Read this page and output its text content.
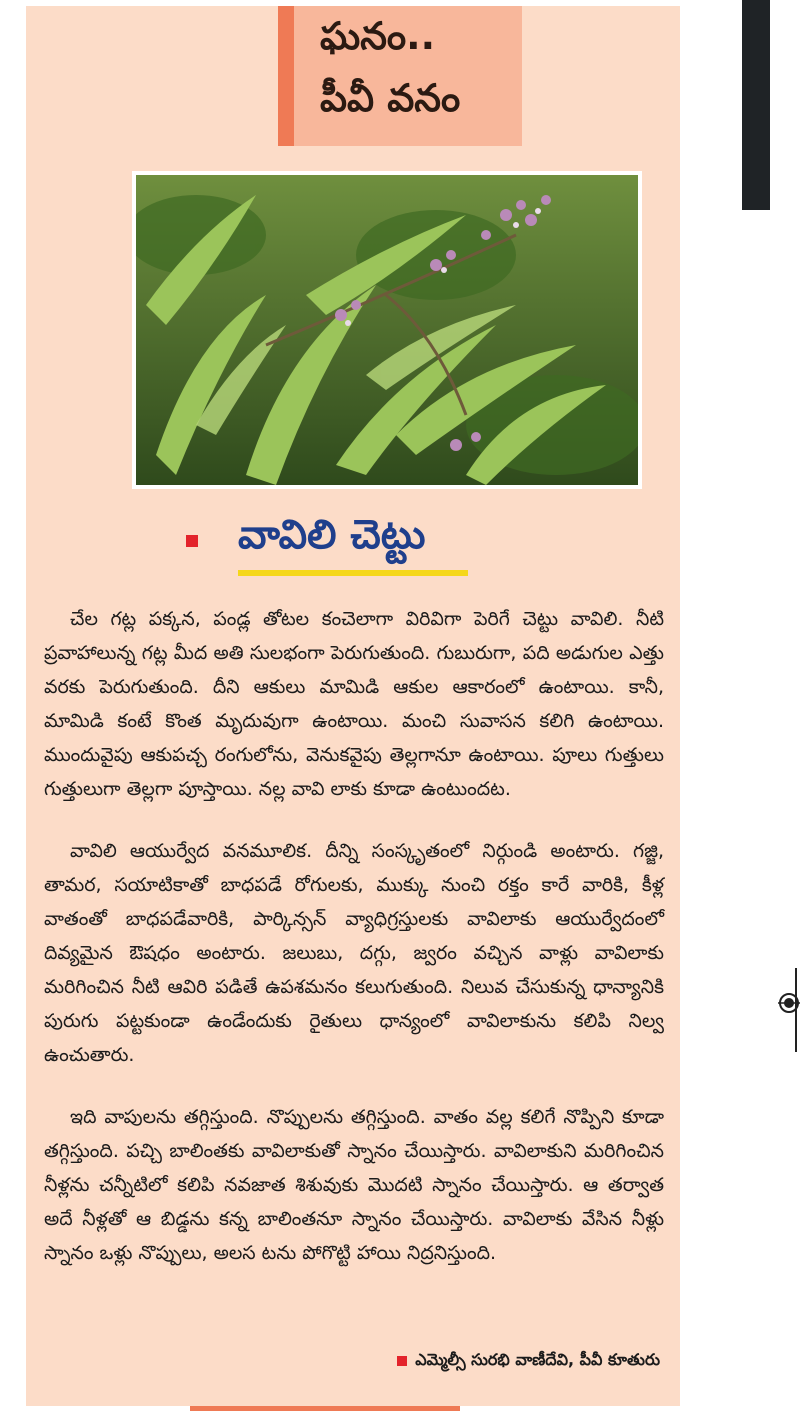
ఘనం..
పీవీ వనం
వావిలి చెట్టు

చేల గట్ల పక్కన, పండ్ల తోటల కంచెలాగా విరివిగా పెరిగే చెట్టు వావిలి. నీటి ప్రవాహాలున్న గట్ల మీద అతి సులభంగా పెరుగుతుంది. గుబురుగా, పది అడుగుల ఎత్తు వరకు పెరుగుతుంది. దీని ఆకులు మామిడి ఆకుల ఆకారంలో ఉంటాయి. కానీ, మామిడి కంటే కొంత మృదువుగా ఉంటాయి. మంచి సువాసన కలిగి ఉంటాయి. ముందువైపు ఆకుపచ్చ రంగులోను, వెనుకవైపు తెల్లగానూ ఉంటాయి. పూలు గుత్తులు గుత్తులుగా తెల్లగా పూస్తాయి. నల్ల వావి లాకు కూడా ఉంటుందట.

వావిలి ఆయుర్వేద వనమూలిక. దీన్ని సంస్కృతంలో నిర్గుండి అంటారు. గజ్జి, తామర, సయాటికాతో బాధపడే రోగులకు, ముక్కు నుంచి రక్తం కారే వారికి, కీళ్ల వాతంతో బాధపడేవారికి, పార్కిన్సన్ వ్యాధిగ్రస్తులకు వావిలాకు ఆయుర్వేదంలో దివ్యమైన ఔషధం అంటారు. జలుబు, దగ్గు, జ్వరం వచ్చిన వాళ్లు వావిలాకు మరిగించిన నీటి ఆవిరి పడితే ఉపశమనం కలుగుతుంది. నిలువ చేసుకున్న ధాన్యానికి పురుగు పట్టకుండా ఉండేందుకు రైతులు ధాన్యంలో వావిలాకును కలిపి నిల్వ ఉంచుతారు.

ఇది వాపులను తగ్గిస్తుంది. నొప్పులను తగ్గిస్తుంది. వాతం వల్ల కలిగే నొప్పిని కూడా తగ్గిస్తుంది. పచ్చి బాలింతకు వావిలాకుతో స్నానం చేయిస్తారు. వావిలాకుని మరిగించిన నీళ్లను చన్నీటిలో కలిపి నవజాత శిశువుకు మొదటి స్నానం చేయిస్తారు. ఆ తర్వాత అదే నీళ్లతో ఆ బిడ్డను కన్న బాలింతనూ స్నానం చేయిస్తారు. వావిలాకు వేసిన నీళ్లు స్నానం ఒళ్లు నొప్పులు, అలస టను పోగొట్టి హాయి నిద్రనిస్తుంది.

ఎమ్మెల్సీ సురభి వాణీదేవి, పీవీ కూతురు
